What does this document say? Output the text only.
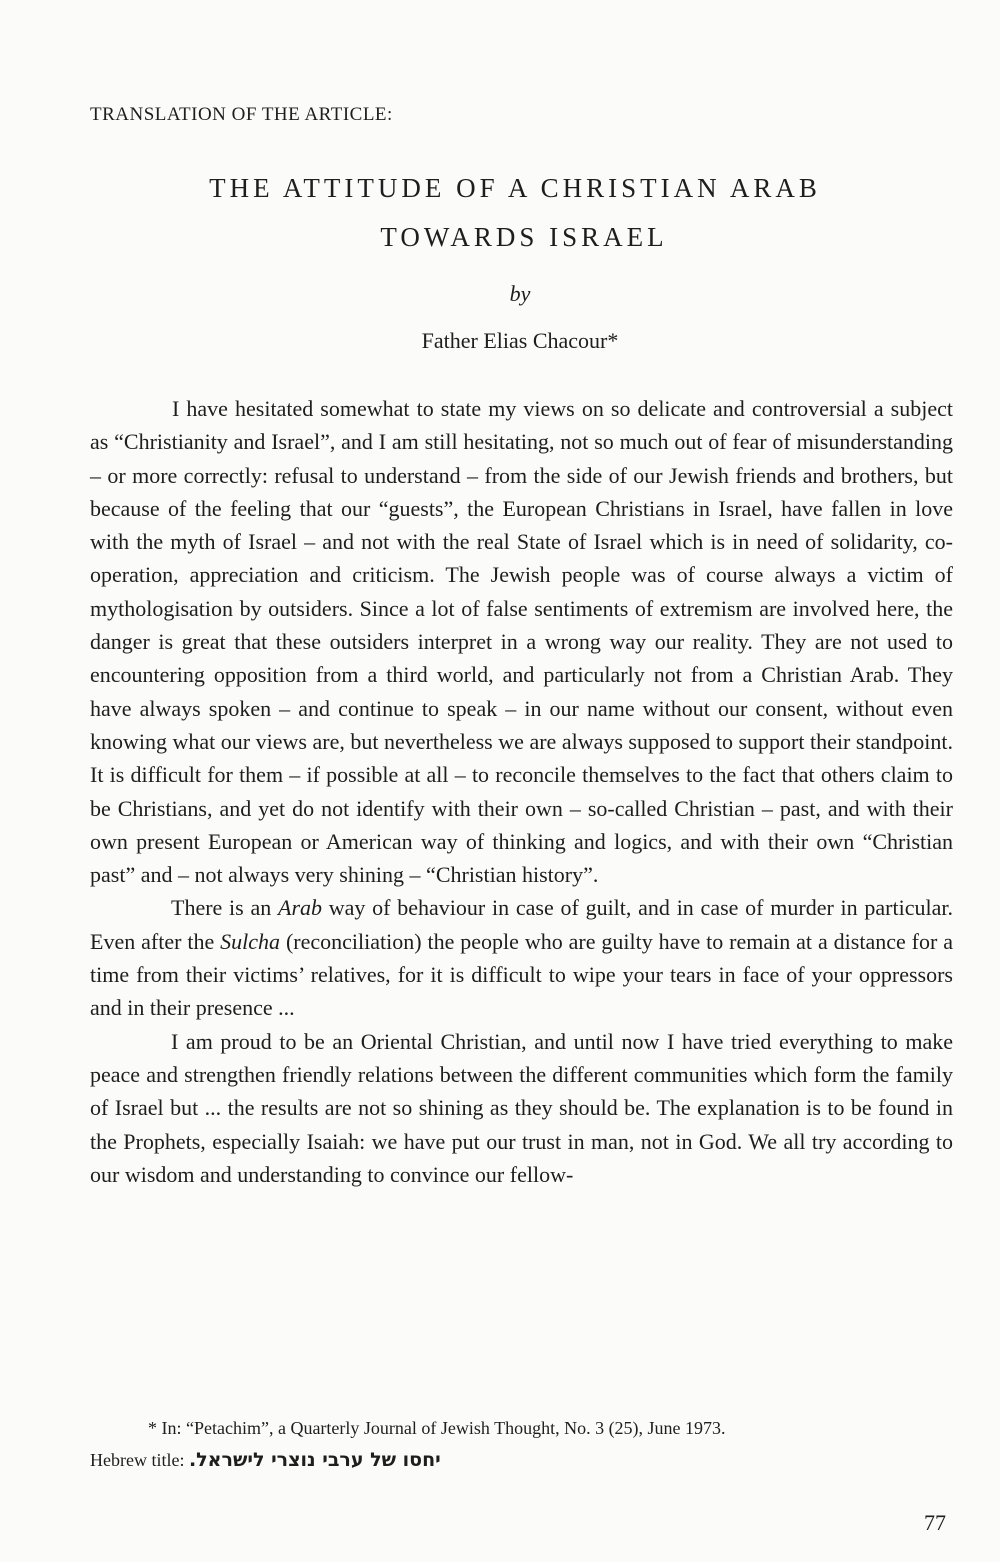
TRANSLATION OF THE ARTICLE:
THE ATTITUDE OF A CHRISTIAN ARAB
TOWARDS ISRAEL
by
Father Elias Chacour*

I have hesitated somewhat to state my views on so delicate and controversial a subject as “Christianity and Israel”, and I am still hesitating, not so much out of fear of misunderstanding – or more correctly: refusal to understand – from the side of our Jewish friends and brothers, but because of the feeling that our “guests”, the European Christians in Israel, have fallen in love with the myth of Israel – and not with the real State of Israel which is in need of solidarity, co-operation, appreciation and criticism. The Jewish people was of course always a victim of mythologisation by outsiders. Since a lot of false sentiments of extremism are involved here, the danger is great that these outsiders interpret in a wrong way our reality. They are not used to encountering opposition from a third world, and particularly not from a Christian Arab. They have always spoken – and continue to speak – in our name without our consent, without even knowing what our views are, but nevertheless we are always supposed to support their standpoint. It is difficult for them – if possible at all – to reconcile themselves to the fact that others claim to be Christians, and yet do not identify with their own – so-called Christian – past, and with their own present European or American way of thinking and logics, and with their own “Christian past” and – not always very shining – “Christian history”.

There is an Arab way of behaviour in case of guilt, and in case of murder in particular. Even after the Sulcha (reconciliation) the people who are guilty have to remain at a distance for a time from their victims’ relatives, for it is difficult to wipe your tears in face of your oppressors and in their presence ...

I am proud to be an Oriental Christian, and until now I have tried everything to make peace and strengthen friendly relations between the different communities which form the family of Israel but ... the results are not so shining as they should be. The explanation is to be found in the Prophets, especially Isaiah: we have put our trust in man, not in God. We all try according to our wisdom and understanding to convince our fellow-

* In: “Petachim”, a Quarterly Journal of Jewish Thought, No. 3 (25), June 1973.
Hebrew title: יחסו של ערבי נוצרי לישראל.
77
